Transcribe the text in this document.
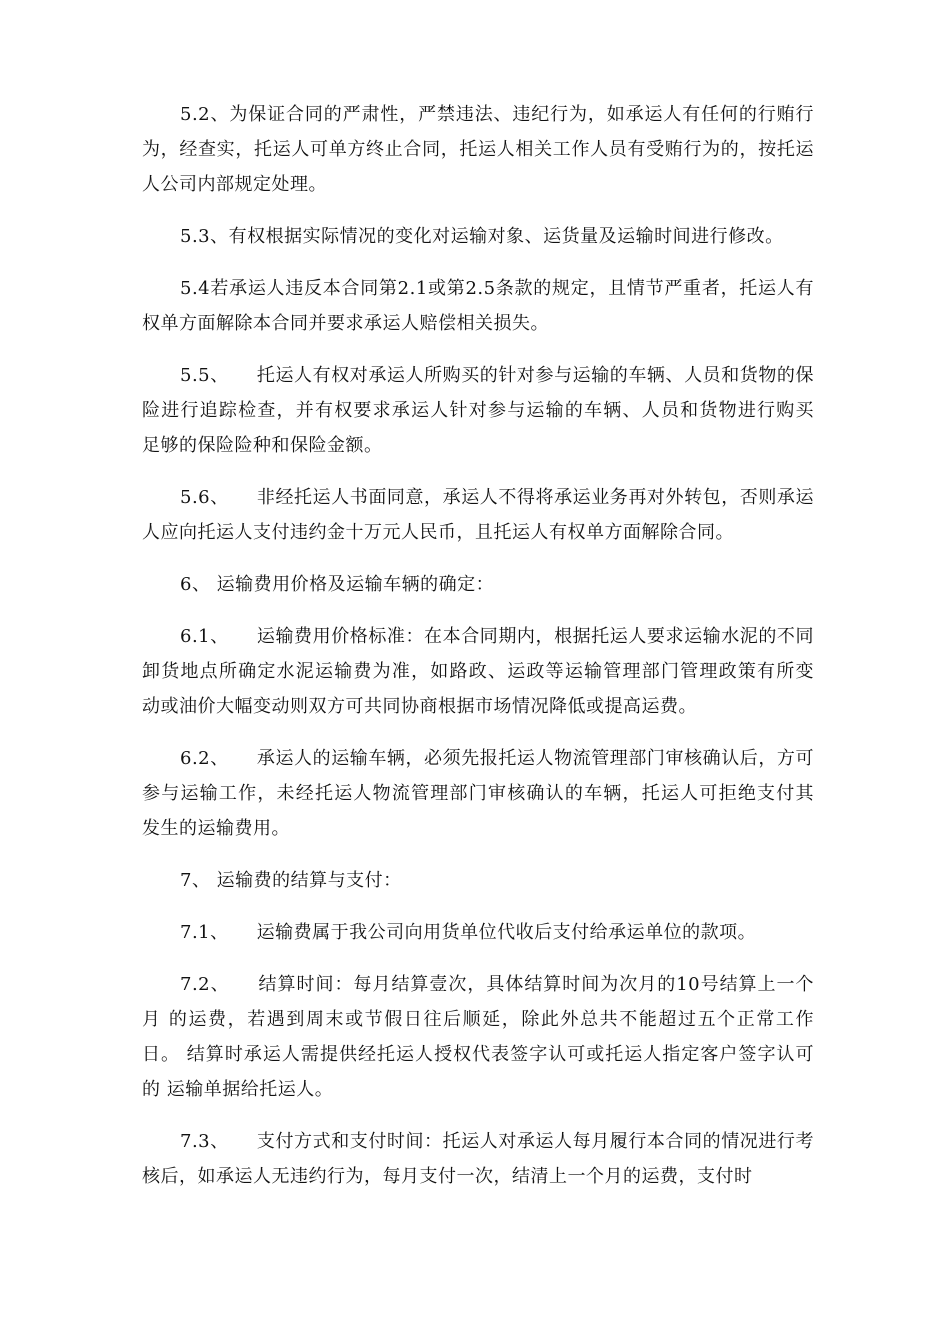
5.2、为保证合同的严肃性，严禁违法、违纪行为，如承运人有任何的行贿行为，经查实，托运人可单方终止合同，托运人相关工作人员有受贿行为的，按托运人公司内部规定处理。

5.3、有权根据实际情况的变化对运输对象、运货量及运输时间进行修改。

5.4若承运人违反本合同第2.1或第2.5条款的规定，且情节严重者，托运人有权单方面解除本合同并要求承运人赔偿相关损失。

5.5、　　托运人有权对承运人所购买的针对参与运输的车辆、人员和货物的保 险进行追踪检查，并有权要求承运人针对参与运输的车辆、人员和货物进行购买 足够的保险险种和保险金额。

5.6、　　非经托运人书面同意，承运人不得将承运业务再对外转包，否则承运 人应向托运人支付违约金十万元人民币，且托运人有权单方面解除合同。

6、 运输费用价格及运输车辆的确定：

6.1、　　运输费用价格标准：在本合同期内，根据托运人要求运输水泥的不同 卸货地点所确定水泥运输费为准，如路政、运政等运输管理部门管理政策有所变 动或油价大幅变动则双方可共同协商根据市场情况降低或提高运费。

6.2、　　承运人的运输车辆，必须先报托运人物流管理部门审核确认后，方可 参与运输工作，未经托运人物流管理部门审核确认的车辆，托运人可拒绝支付其 发生的运输费用。

7、 运输费的结算与支付：

7.1、　　运输费属于我公司向用货单位代收后支付给承运单位的款项。

7.2、　　结算时间：每月结算壹次，具体结算时间为次月的10号结算上一个月 的运费，若遇到周末或节假日往后顺延，除此外总共不能超过五个正常工作日。 结算时承运人需提供经托运人授权代表签字认可或托运人指定客户签字认可的 运输单据给托运人。

7.3、　　支付方式和支付时间：托运人对承运人每月履行本合同的情况进行考 核后，如承运人无违约行为，每月支付一次，结清上一个月的运费，支付时
